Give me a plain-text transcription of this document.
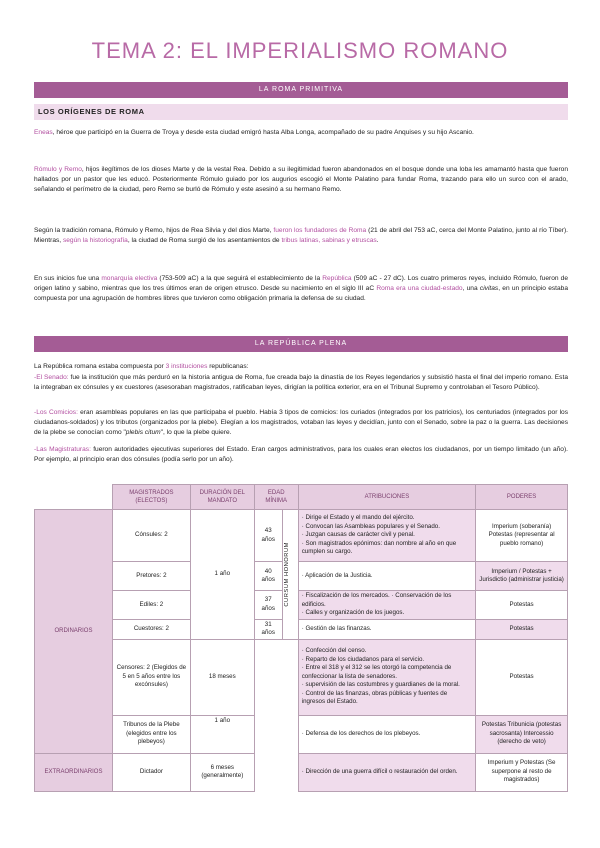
TEMA 2: EL IMPERIALISMO ROMANO
LA ROMA PRIMITIVA
LOS ORÍGENES DE ROMA
Eneas, héroe que participó en la Guerra de Troya y desde esta ciudad emigró hasta Alba Longa, acompañado de su padre Anquises y su hijo Ascanio.
Rómulo y Remo, hijos ilegítimos de los dioses Marte y de la vestal Rea. Debido a su ilegitimidad fueron abandonados en el bosque donde una loba les amamantó hasta que fueron hallados por un pastor que les educó. Posteriormente Rómulo guiado por los augurios escogió el Monte Palatino para fundar Roma, trazando para ello un surco con el arado, señalando el perímetro de la ciudad, pero Remo se burló de Rómulo y este asesinó a su hermano Remo.
Según la tradición romana, Rómulo y Remo, hijos de Rea Silvia y del dios Marte, fueron los fundadores de Roma (21 de abril del 753 aC, cerca del Monte Palatino, junto al río Tíber). Mientras, según la historiografía, la ciudad de Roma surgió de los asentamientos de tribus latinas, sabinas y etruscas.
En sus inicios fue una monarquía electiva (753-509 aC) a la que seguirá el establecimiento de la República (509 aC - 27 dC). Los cuatro primeros reyes, incluido Rómulo, fueron de origen latino y sabino, mientras que los tres últimos eran de origen etrusco. Desde su nacimiento en el siglo III aC Roma era una ciudad-estado, una civitas, en un principio estaba compuesta por una agrupación de hombres libres que tuvieron como obligación primaria la defensa de su ciudad.
LA REPÚBLICA PLENA
La República romana estaba compuesta por 3 instituciones republicanas:
-El Senado: fue la institución que más perduró en la historia antigua de Roma, fue creada bajo la dinastía de los Reyes legendarios y subsistió hasta el final del imperio romano. Esta la integraban ex cónsules y ex cuestores (asesoraban magistrados, ratificaban leyes, dirigían la política exterior, era en el Tribunal Supremo y controlaban el Tesoro Público).
-Los Comicios: eran asambleas populares en las que participaba el pueblo. Había 3 tipos de comicios: los curiados (integrados por los patricios), los centuriados (integrados por los ciudadanos-soldados) y los tributos (organizados por la plebe). Elegían a los magistrados, votaban las leyes y decidían, junto con el Senado, sobre la paz o la guerra. Las decisiones de la plebe se conocían como "plebis citum", lo que la plebe quiere.
-Las Magistraturas: fueron autoridades ejecutivas superiores del Estado. Eran cargos administrativos, para los cuales eran electos los ciudadanos, por un tiempo limitado (un año). Por ejemplo, al principio eran dos cónsules (podía serlo por un año).
	MAGISTRADOS (ELECTOS)	DURACIÓN DEL MANDATO	EDAD MÍNIMA		ATRIBUCIONES	PODERES
ORDINARIOS	Cónsules: 2	1 año	43 años	CURSUM HONORUM	· Dirige el Estado y el mando del ejército.
· Convocan las Asambleas populares y el Senado.
· Juzgan causas de carácter civil y penal.
· Son magistrados epónimos: dan nombre al año en que cumplen su cargo.	Imperium (soberanía)
Potestas (representar al pueblo romano)
	Pretores: 2		40 años		· Aplicación de la Justicia.	Imperium / Potestas + Jurisdictio (administrar justicia)
	Ediles: 2		37 años		· Fiscalización de los mercados. · Conservación de los edificios.
· Calles y organización de los juegos.	Potestas
	Cuestores: 2		31 años		· Gestión de las finanzas.	Potestas
	Censores: 2 (Elegidos de 5 en 5 años entre los excónsules)	18 meses			· Confección del censo.
· Reparto de los ciudadanos para el servicio.
· Entre el 318 y el 312 se les otorgó la competencia de confeccionar la lista de senadores.
· supervisión de las costumbres y guardianes de la moral.
· Control de las finanzas, obras públicas y fuentes de ingresos del Estado.	Potestas
	Tribunos de la Plebe (elegidos entre los plebeyos)	1 año			· Defensa de los derechos de los plebeyos.	Potestas Tribunicia (potestas sacrosanta) Intercessio (derecho de veto)
EXTRAORDINARIOS	Dictador	6 meses (generalmente)			· Dirección de una guerra difícil o restauración del orden.	Imperium y Potestas (Se superpone al resto de magistrados)
